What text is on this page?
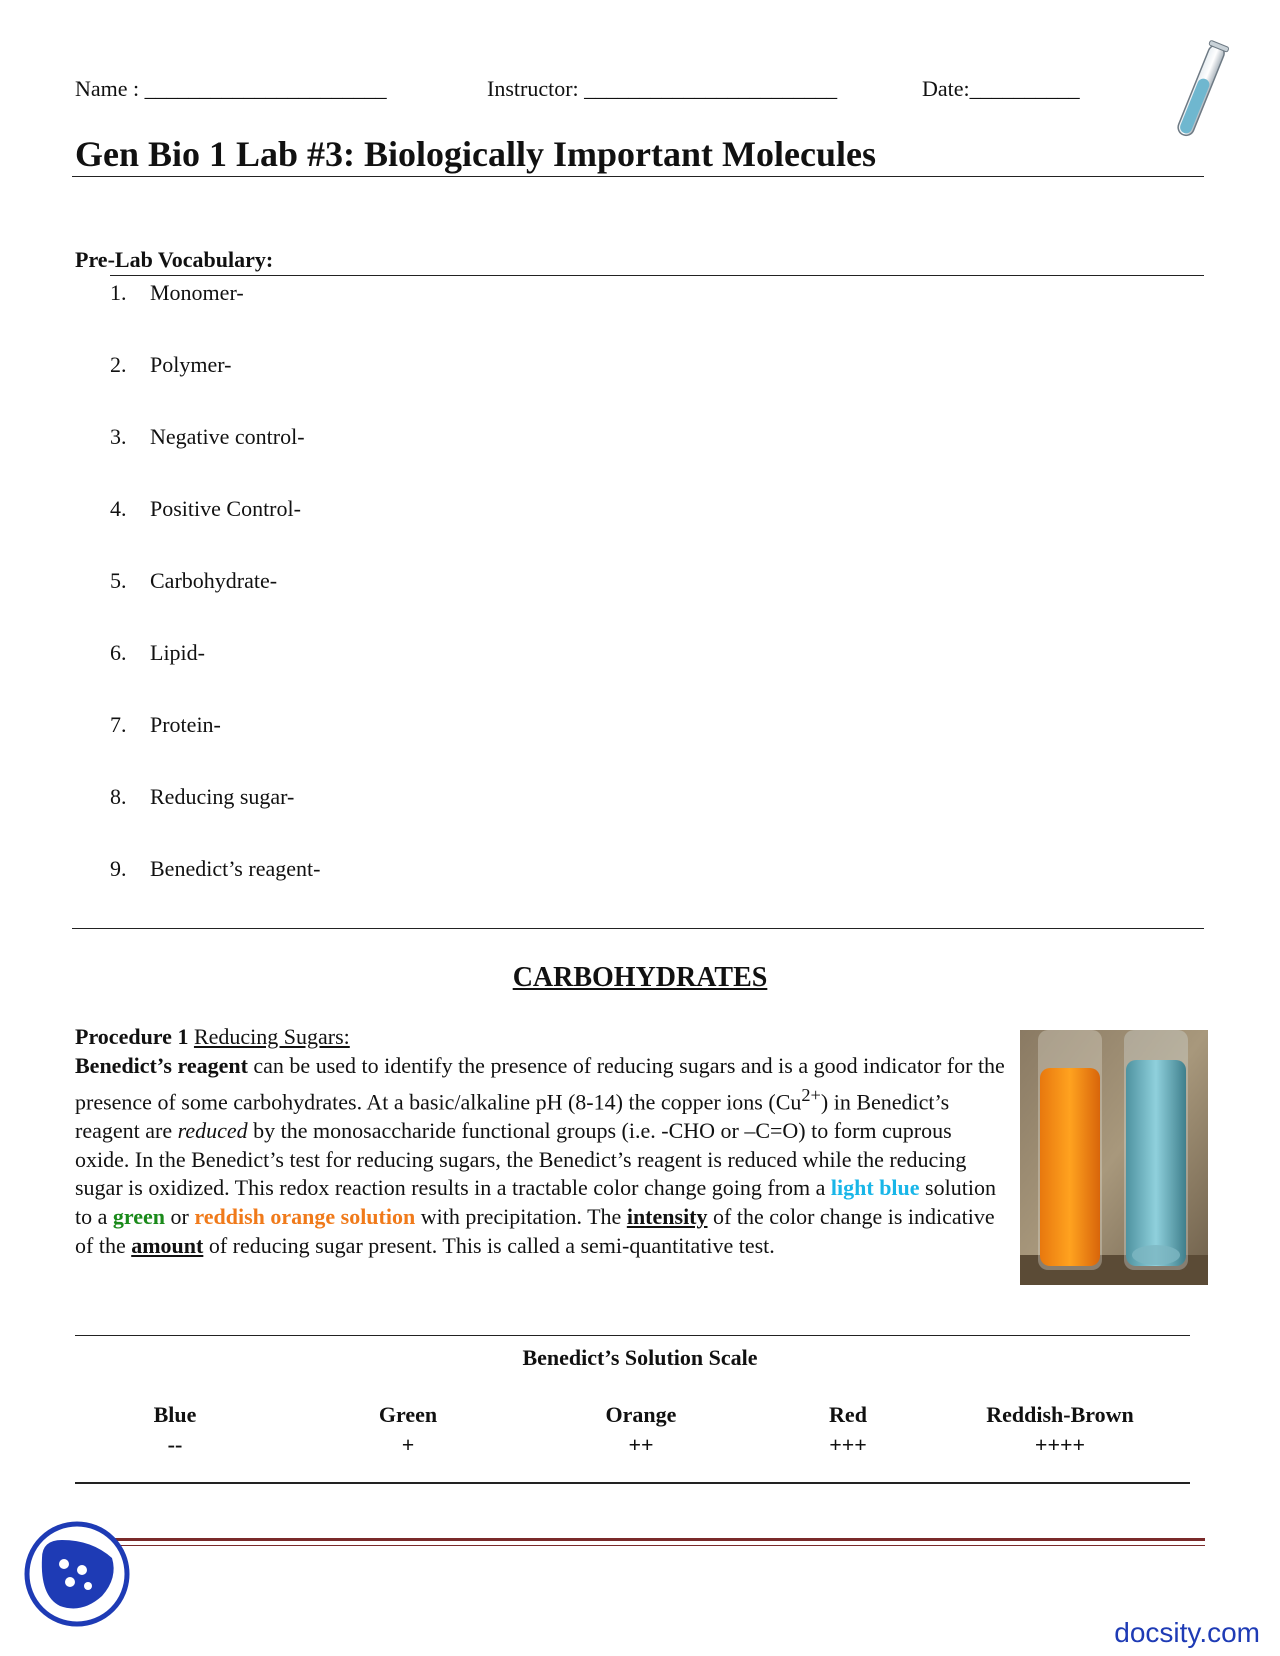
Name : ______________________	Instructor: _______________________	Date:__________
Gen Bio 1 Lab #3: Biologically Important Molecules
Pre-Lab Vocabulary:
1. Monomer-
2. Polymer-
3. Negative control-
4. Positive Control-
5. Carbohydrate-
6. Lipid-
7. Protein-
8. Reducing sugar-
9. Benedict’s reagent-
CARBOHYDRATES

Procedure 1 Reducing Sugars:

Benedict’s reagent can be used to identify the presence of reducing sugars and is a good indicator for the presence of some carbohydrates. At a basic/alkaline pH (8-14) the copper ions $(Cu^{2+})$ in Benedict’s reagent are reduced by the monosaccharide functional groups (i.e. -CHO or –C=O) to form cuprous oxide. In the Benedict’s test for reducing sugars, the Benedict’s reagent is reduced while the reducing sugar is oxidized. This redox reaction results in a tractable color change going from a light blue solution to a green or reddish orange solution with precipitation. The intensity of the color change is indicative of the amount of reducing sugar present. This is called a semi-quantitative test.

Benedict’s Solution Scale
Blue
--
Green
+
Orange
++
Red
+++
Reddish-Brown
++++
docsity.com
